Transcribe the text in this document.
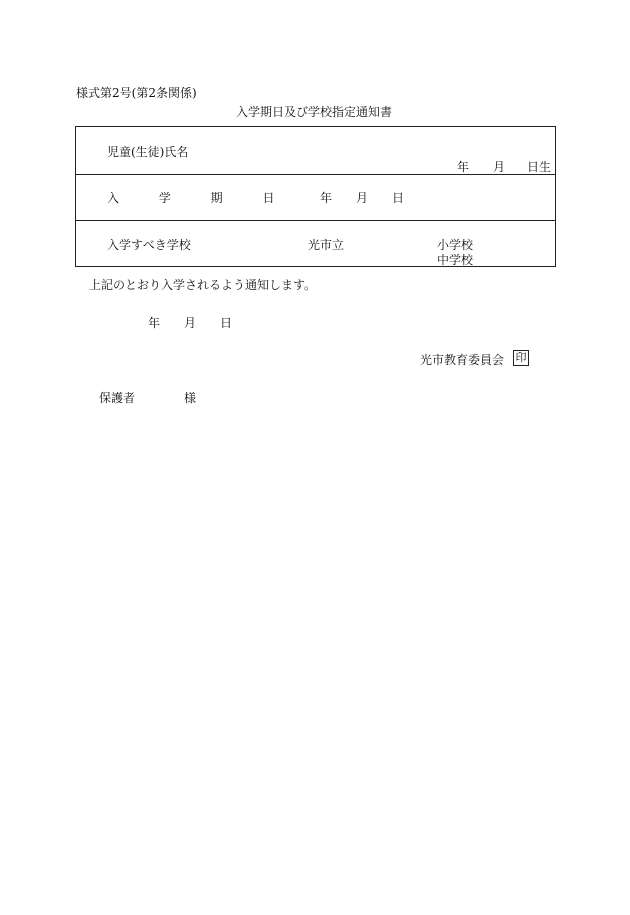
様式第2号(第2条関係)
入学期日及び学校指定通知書
児童(生徒)氏名
年 月 日生
入 学 期 日 年 月 日
入学すべき学校	光市立	小学校
中学校
上記のとおり入学されるよう通知します。
年 月 日
光市教育委員会 印
保護者	様
